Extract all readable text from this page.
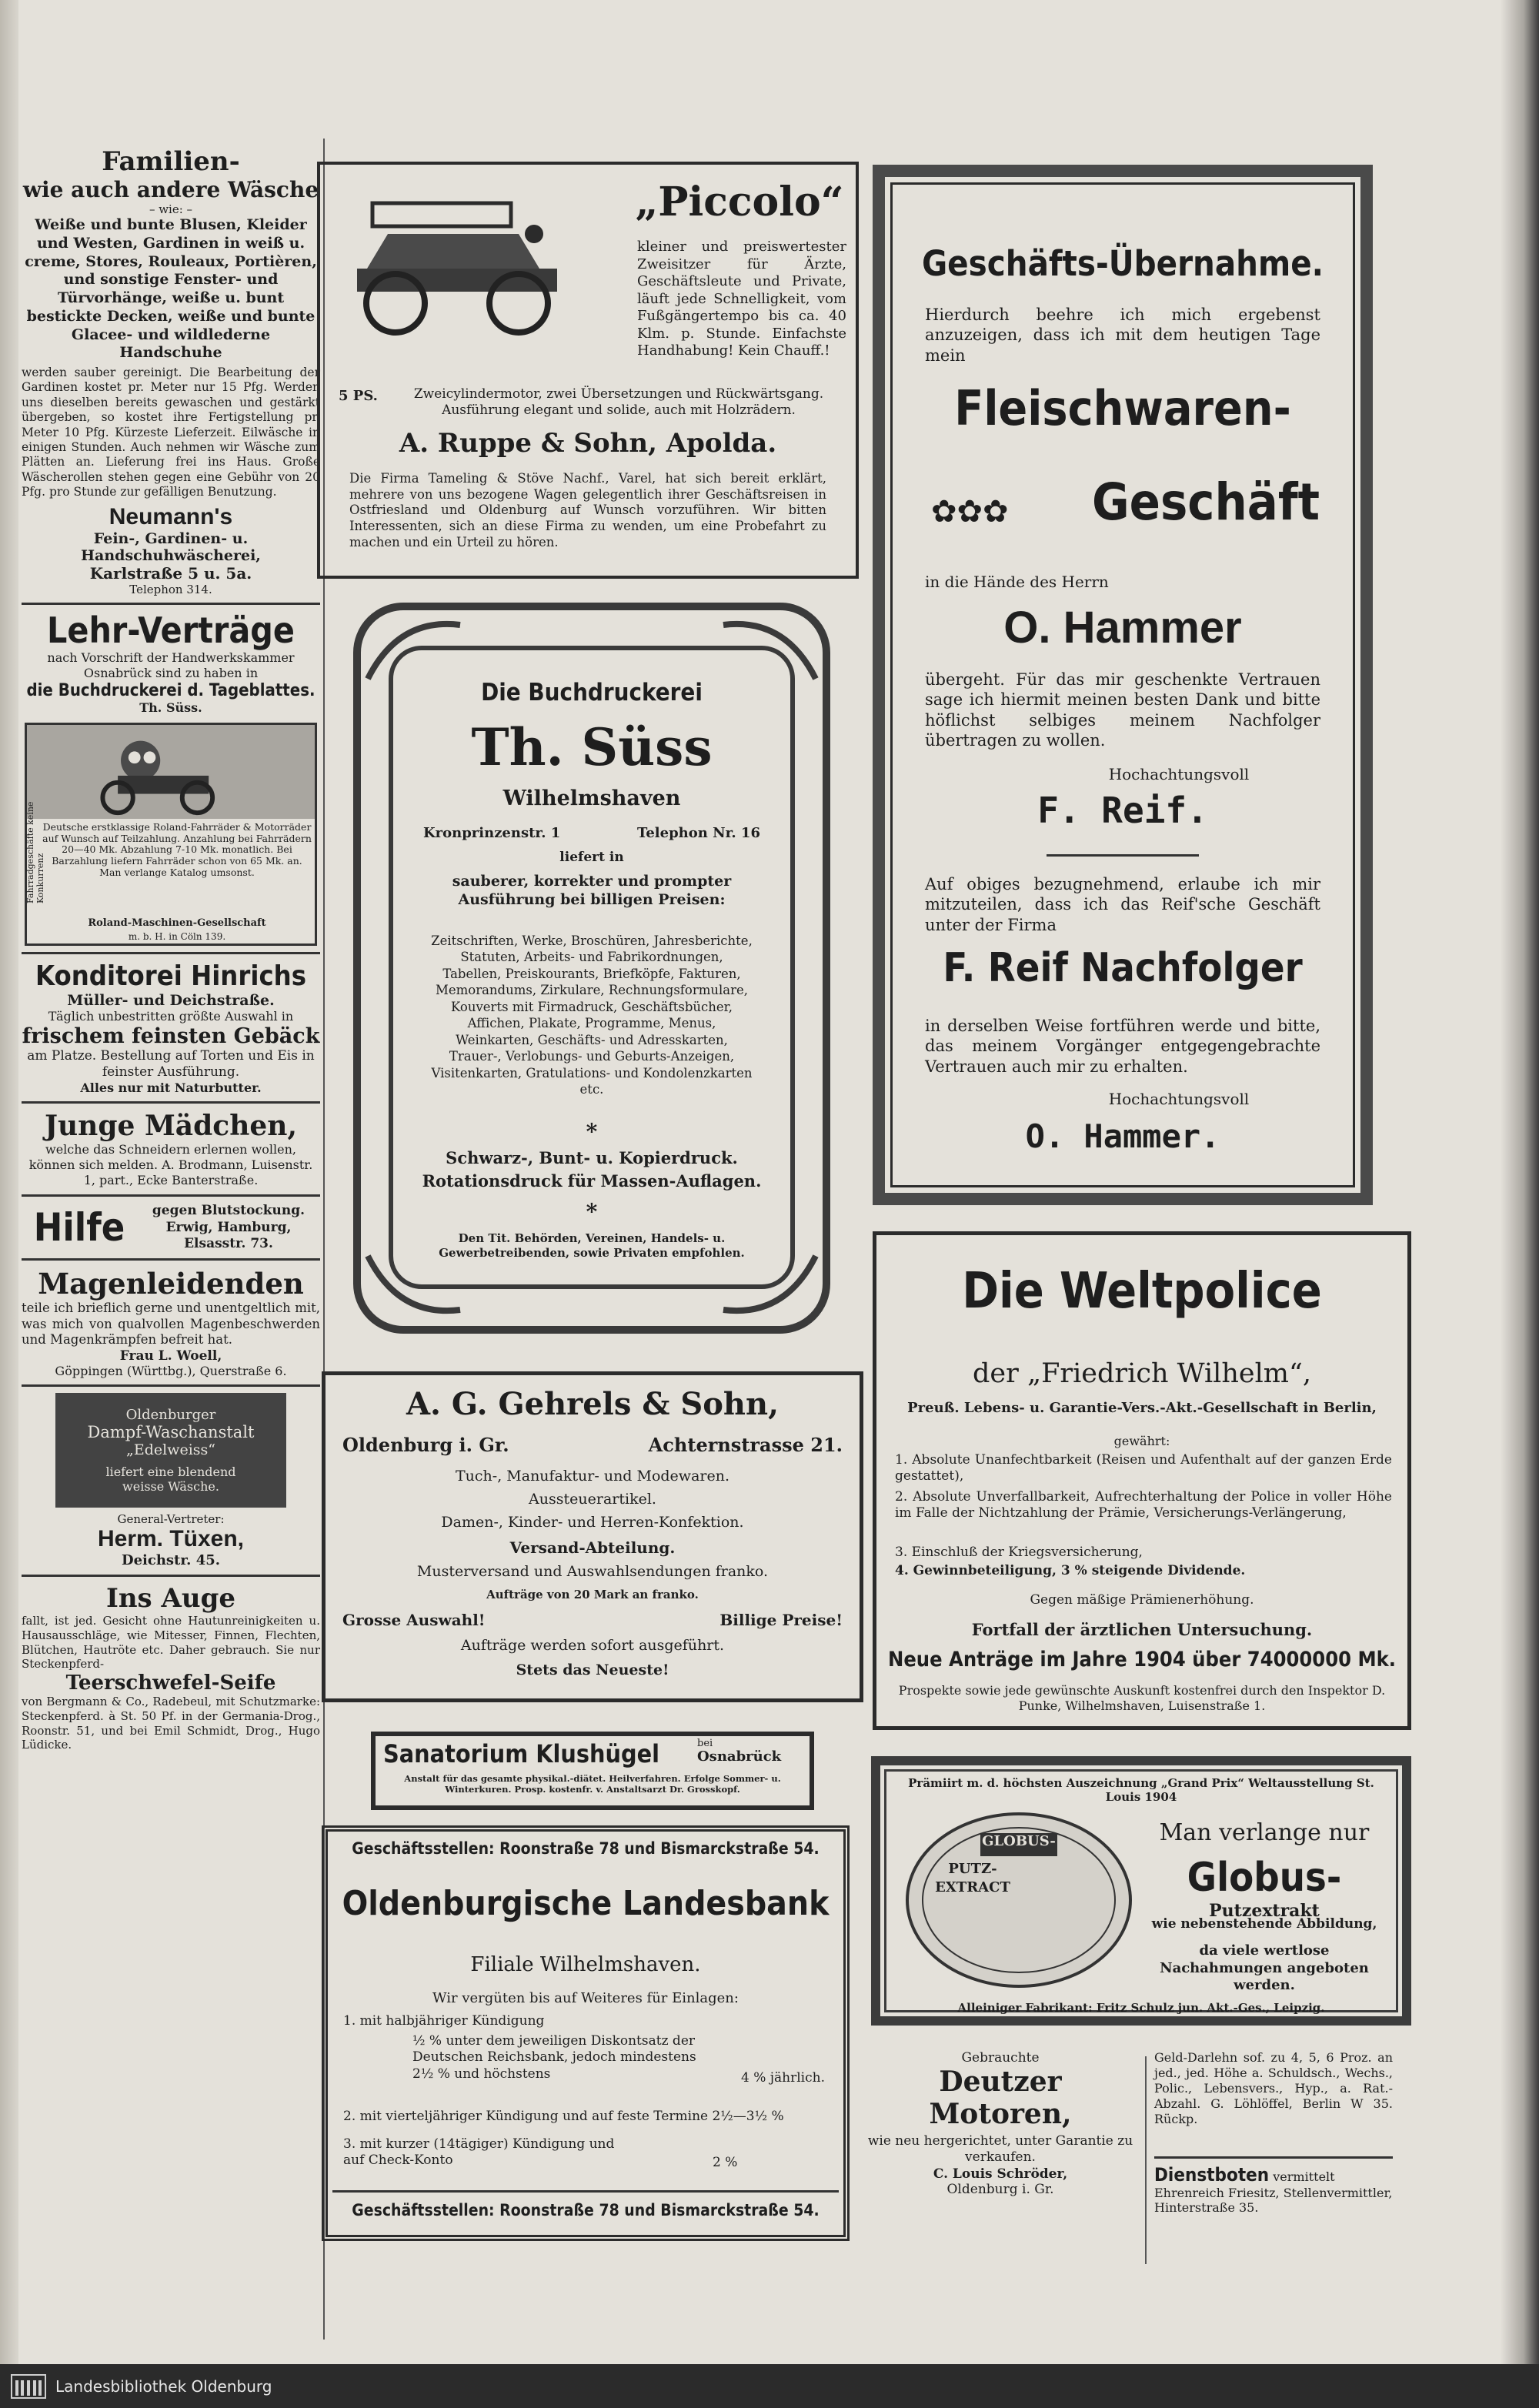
Familien-
wie auch andere Wäsche
– wie: –

Weiße und bunte Blusen, Kleider und Westen, Gardinen in weiß u. creme, Stores, Rouleaux, Portièren, und sonstige Fenster- und Türvorhänge, weiße u. bunt bestickte Decken, weiße und bunte Glacee- und wildlederne Handschuhe

werden sauber gereinigt. Die Bearbeitung der Gardinen kostet pr. Meter nur 15 Pfg. Werden uns dieselben bereits gewaschen und gestärkt übergeben, so kostet ihre Fertigstellung pr. Meter 10 Pfg. Kürzeste Lieferzeit. Eilwäsche in einigen Stunden. Auch nehmen wir Wäsche zum Plätten an. Lieferung frei ins Haus. Große Wäscherollen stehen gegen eine Gebühr von 20 Pfg. pro Stunde zur gefälligen Benutzung.

Neumann's
Fein-, Gardinen- u. Handschuhwäscherei,
Karlstraße 5 u. 5a.
Telephon 314.
Lehr-Verträge

nach Vorschrift der Handwerkskammer Osnabrück sind zu haben in

die Buchdruckerei d. Tageblattes.
Th. Süss.
Fahrradgeschäfte keine Konkurrenz

Deutsche erstklassige Roland-Fahrräder & Motorräder auf Wunsch auf Teilzahlung. Anzahlung bei Fahrrädern 20—40 Mk. Abzahlung 7-10 Mk. monatlich. Bei Barzahlung liefern Fahrräder schon von 65 Mk. an. Man verlange Katalog umsonst.

Roland-Maschinen-Gesellschaft
m. b. H. in Cöln 139.
Konditorei Hinrichs
Müller- und Deichstraße.

Täglich unbestritten größte Auswahl in

frischem feinsten Gebäck

am Platze. Bestellung auf Torten und Eis in feinster Ausführung.

Alles nur mit Naturbutter.
Junge Mädchen,

welche das Schneidern erlernen wollen, können sich melden. A. Brodmann, Luisenstr. 1, part., Ecke Banterstraße.

Hilfe	gegen Blutstockung. Erwig, Hamburg, Elsasstr. 73.

Magenleidenden

teile ich brieflich gerne und unentgeltlich mit, was mich von qualvollen Magenbeschwerden und Magenkrämpfen befreit hat.

Frau L. Woell,
Göppingen (Württbg.), Querstraße 6.
Oldenburger
Dampf-Waschanstalt
„Edelweiss“
liefert eine blendend
weisse Wäsche.
General-Vertreter:
Herm. Tüxen,
Deichstr. 45.
Ins Auge

fallt, ist jed. Gesicht ohne Hautunreinigkeiten u. Hausausschläge, wie Mitesser, Finnen, Flechten, Blütchen, Hautröte etc. Daher gebrauch. Sie nur Steckenpferd-

Teerschwefel-Seife

von Bergmann & Co., Radebeul, mit Schutzmarke: Steckenpferd. à St. 50 Pf. in der Germania-Drog., Roonstr. 51, und bei Emil Schmidt, Drog., Hugo Lüdicke.

„Piccolo“

kleiner und preiswertester Zweisitzer für Ärzte, Geschäftsleute und Private, läuft jede Schnelligkeit, vom Fußgängertempo bis ca. 40 Klm. p. Stunde. Einfachste Handhabung! Kein Chauff.!

5 PS.	Zweicylindermotor, zwei Übersetzungen und Rückwärtsgang. Ausführung elegant und solide, auch mit Holzrädern.

A. Ruppe & Sohn, Apolda.

Die Firma Tameling & Stöve Nachf., Varel, hat sich bereit erklärt, mehrere von uns bezogene Wagen gelegentlich ihrer Geschäftsreisen in Ostfriesland und Oldenburg auf Wunsch vorzuführen. Wir bitten Interessenten, sich an diese Firma zu wenden, um eine Probefahrt zu machen und ein Urteil zu hören.

Die Buchdruckerei
Th. Süss
Wilhelmshaven
Kronprinzenstr. 1	Telephon Nr. 16
liefert in

sauberer, korrekter und prompter Ausführung bei billigen Preisen:

Zeitschriften, Werke, Broschüren, Jahresberichte, Statuten, Arbeits- und Fabrikordnungen, Tabellen, Preiskourants, Briefköpfe, Fakturen, Memorandums, Zirkulare, Rechnungsformulare, Kouverts mit Firmadruck, Geschäftsbücher, Affichen, Plakate, Programme, Menus, Weinkarten, Geschäfts- und Adresskarten, Trauer-, Verlobungs- und Geburts-Anzeigen, Visitenkarten, Gratulations- und Kondolenzkarten etc.

*
Schwarz-, Bunt- u. Kopierdruck.
Rotationsdruck für Massen-Auflagen.
*

Den Tit. Behörden, Vereinen, Handels- u. Gewerbetreibenden, sowie Privaten empfohlen.

A. G. Gehrels & Sohn,
Oldenburg i. Gr.	Achternstrasse 21.
Tuch-, Manufaktur- und Modewaren.
Aussteuerartikel.
Damen-, Kinder- und Herren-Konfektion.
Versand-Abteilung.
Musterversand und Auswahlsendungen franko.
Aufträge von 20 Mark an franko.
Grosse Auswahl!	Billige Preise!
Aufträge werden sofort ausgeführt.
Stets das Neueste!
Sanatorium Klushügel	bei
Osnabrück

Anstalt für das gesamte physikal.-diätet. Heilverfahren. Erfolge Sommer- u. Winterkuren. Prosp. kostenfr. v. Anstaltsarzt Dr. Grosskopf.

Geschäftsstellen: Roonstraße 78 und Bismarckstraße 54.
Oldenburgische Landesbank
Filiale Wilhelmshaven.
Wir vergüten bis auf Weiteres für Einlagen:
1. mit halbjähriger Kündigung

½ % unter dem jeweiligen Diskontsatz der Deutschen Reichsbank, jedoch mindestens 2½ % und höchstens	4 % jährlich.
2. mit vierteljähriger Kündigung und auf feste Termine 2½—3½ %

3. mit kurzer (14tägiger) Kündigung und auf Check-Konto	2 %
Geschäftsstellen: Roonstraße 78 und Bismarckstraße 54.
Geschäfts-Übernahme.

Hierdurch beehre ich mich ergebenst anzuzeigen, dass ich mit dem heutigen Tage mein

Fleischwaren-
✿✿✿	Geschäft
in die Hände des Herrn
O. Hammer

übergeht. Für das mir geschenkte Vertrauen sage ich hiermit meinen besten Dank und bitte höflichst selbiges meinem Nachfolger übertragen zu wollen.

Hochachtungsvoll
F. Reif.

Auf obiges bezugnehmend, erlaube ich mir mitzuteilen, dass ich das Reif'sche Geschäft unter der Firma

F. Reif Nachfolger

in derselben Weise fortführen werde und bitte, das meinem Vorgänger entgegengebrachte Vertrauen auch mir zu erhalten.

Hochachtungsvoll
O. Hammer.
Die Weltpolice
der „Friedrich Wilhelm“,
Preuß. Lebens- u. Garantie-Vers.-Akt.-Gesellschaft in Berlin,
gewährt:

1. Absolute Unanfechtbarkeit (Reisen und Aufenthalt auf der ganzen Erde gestattet),

2. Absolute Unverfallbarkeit, Aufrechterhaltung der Police in voller Höhe im Falle der Nichtzahlung der Prämie, Versicherungs-Verlängerung,

3. Einschluß der Kriegsversicherung,

4. Gewinnbeteiligung, 3 % steigende Dividende.

Gegen mäßige Prämienerhöhung.
Fortfall der ärztlichen Untersuchung.
Neue Anträge im Jahre 1904 über 74000000 Mk.

Prospekte sowie jede gewünschte Auskunft kostenfrei durch den Inspektor D. Punke, Wilhelmshaven, Luisenstraße 1.

Prämiirt m. d. höchsten Auszeichnung „Grand Prix“ Weltausstellung St. Louis 1904
GLOBUS-
PUTZ-
EXTRACT
Man verlange nur
Globus-Putzextrakt
wie nebenstehende Abbildung,

da viele wertlose Nachahmungen angeboten werden.

Alleiniger Fabrikant: Fritz Schulz jun. Akt.-Ges., Leipzig.
Gebrauchte
Deutzer Motoren,

wie neu hergerichtet, unter Garantie zu verkaufen.

C. Louis Schröder,
Oldenburg i. Gr.

Geld-Darlehn sof. zu 4, 5, 6 Proz. an jed., jed. Höhe a. Schuldsch., Wechs., Polic., Lebensvers., Hyp., a. Rat.-Abzahl. G. Löhlöffel, Berlin W 35. Rückp.

Dienstboten vermittelt Ehrenreich Friesitz, Stellenvermittler, Hinterstraße 35.
Landesbibliothek Oldenburg
